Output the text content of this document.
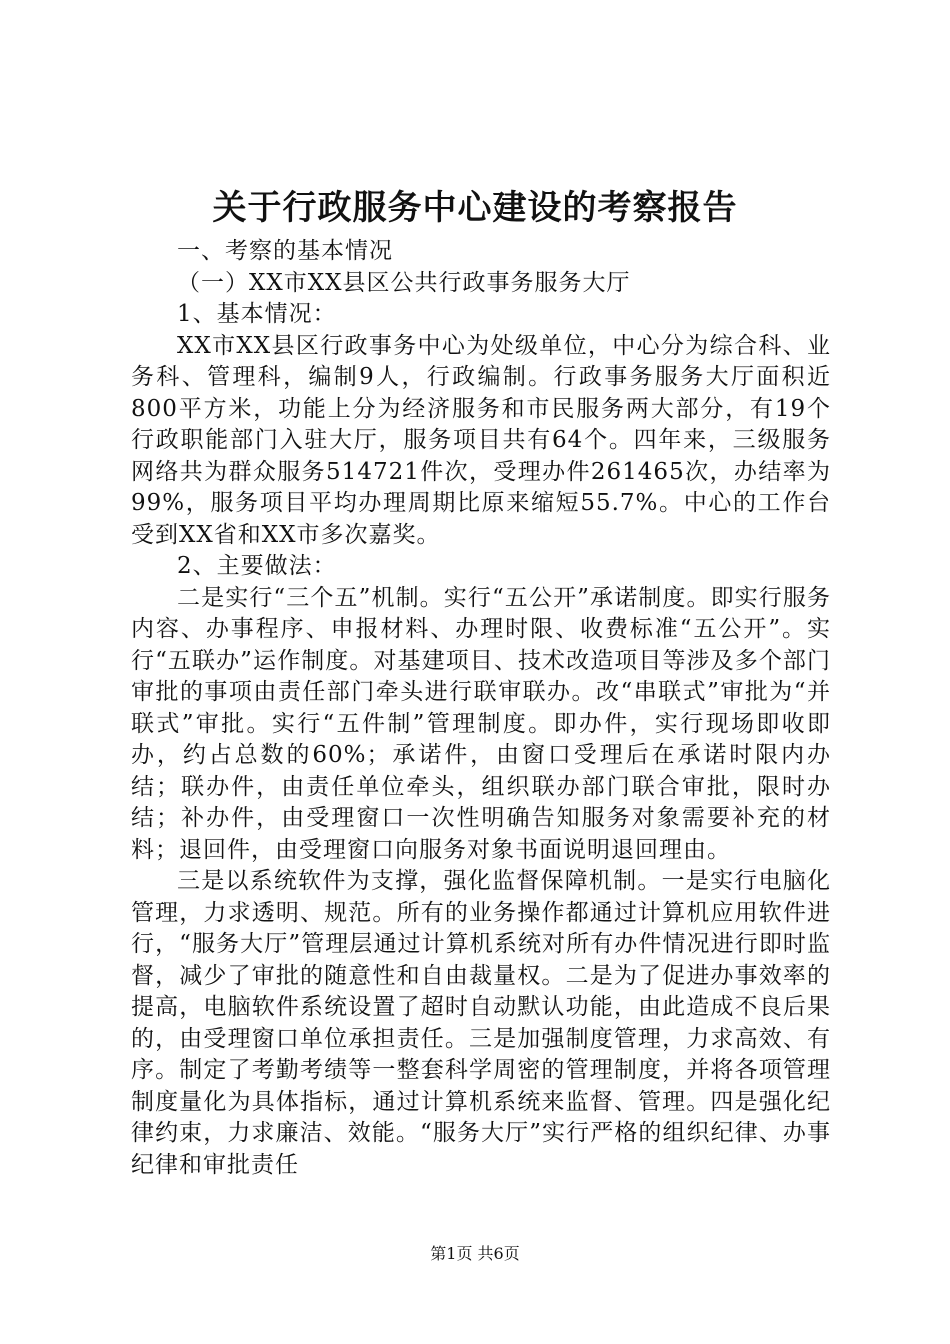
关于行政服务中心建设的考察报告

一、考察的基本情况

（一）XX市XX县区公共行政事务服务大厅

1、基本情况：

XX市XX县区行政事务中心为处级单位，中心分为综合科、业务科、管理科，编制9人，行政编制。行政事务服务大厅面积近800平方米，功能上分为经济服务和市民服务两大部分，有19个行政职能部门入驻大厅，服务项目共有64个。四年来，三级服务网络共为群众服务514721件次，受理办件261465次，办结率为99%，服务项目平均办理周期比原来缩短55.7%。中心的工作台受到XX省和XX市多次嘉奖。

2、主要做法：

二是实行“三个五”机制。实行“五公开”承诺制度。即实行服务内容、办事程序、申报材料、办理时限、收费标准“五公开”。实行“五联办”运作制度。对基建项目、技术改造项目等涉及多个部门审批的事项由责任部门牵头进行联审联办。改“串联式”审批为“并联式”审批。实行“五件制”管理制度。即办件，实行现场即收即办，约占总数的60%；承诺件，由窗口受理后在承诺时限内办结；联办件，由责任单位牵头，组织联办部门联合审批，限时办结；补办件，由受理窗口一次性明确告知服务对象需要补充的材料；退回件，由受理窗口向服务对象书面说明退回理由。

三是以系统软件为支撑，强化监督保障机制。一是实行电脑化管理，力求透明、规范。所有的业务操作都通过计算机应用软件进行，“服务大厅”管理层通过计算机系统对所有办件情况进行即时监督，减少了审批的随意性和自由裁量权。二是为了促进办事效率的提高，电脑软件系统设置了超时自动默认功能，由此造成不良后果的，由受理窗口单位承担责任。三是加强制度管理，力求高效、有序。制定了考勤考绩等一整套科学周密的管理制度，并将各项管理制度量化为具体指标，通过计算机系统来监督、管理。四是强化纪律约束，力求廉洁、效能。“服务大厅”实行严格的组织纪律、办事纪律和审批责任

第1页 共6页
